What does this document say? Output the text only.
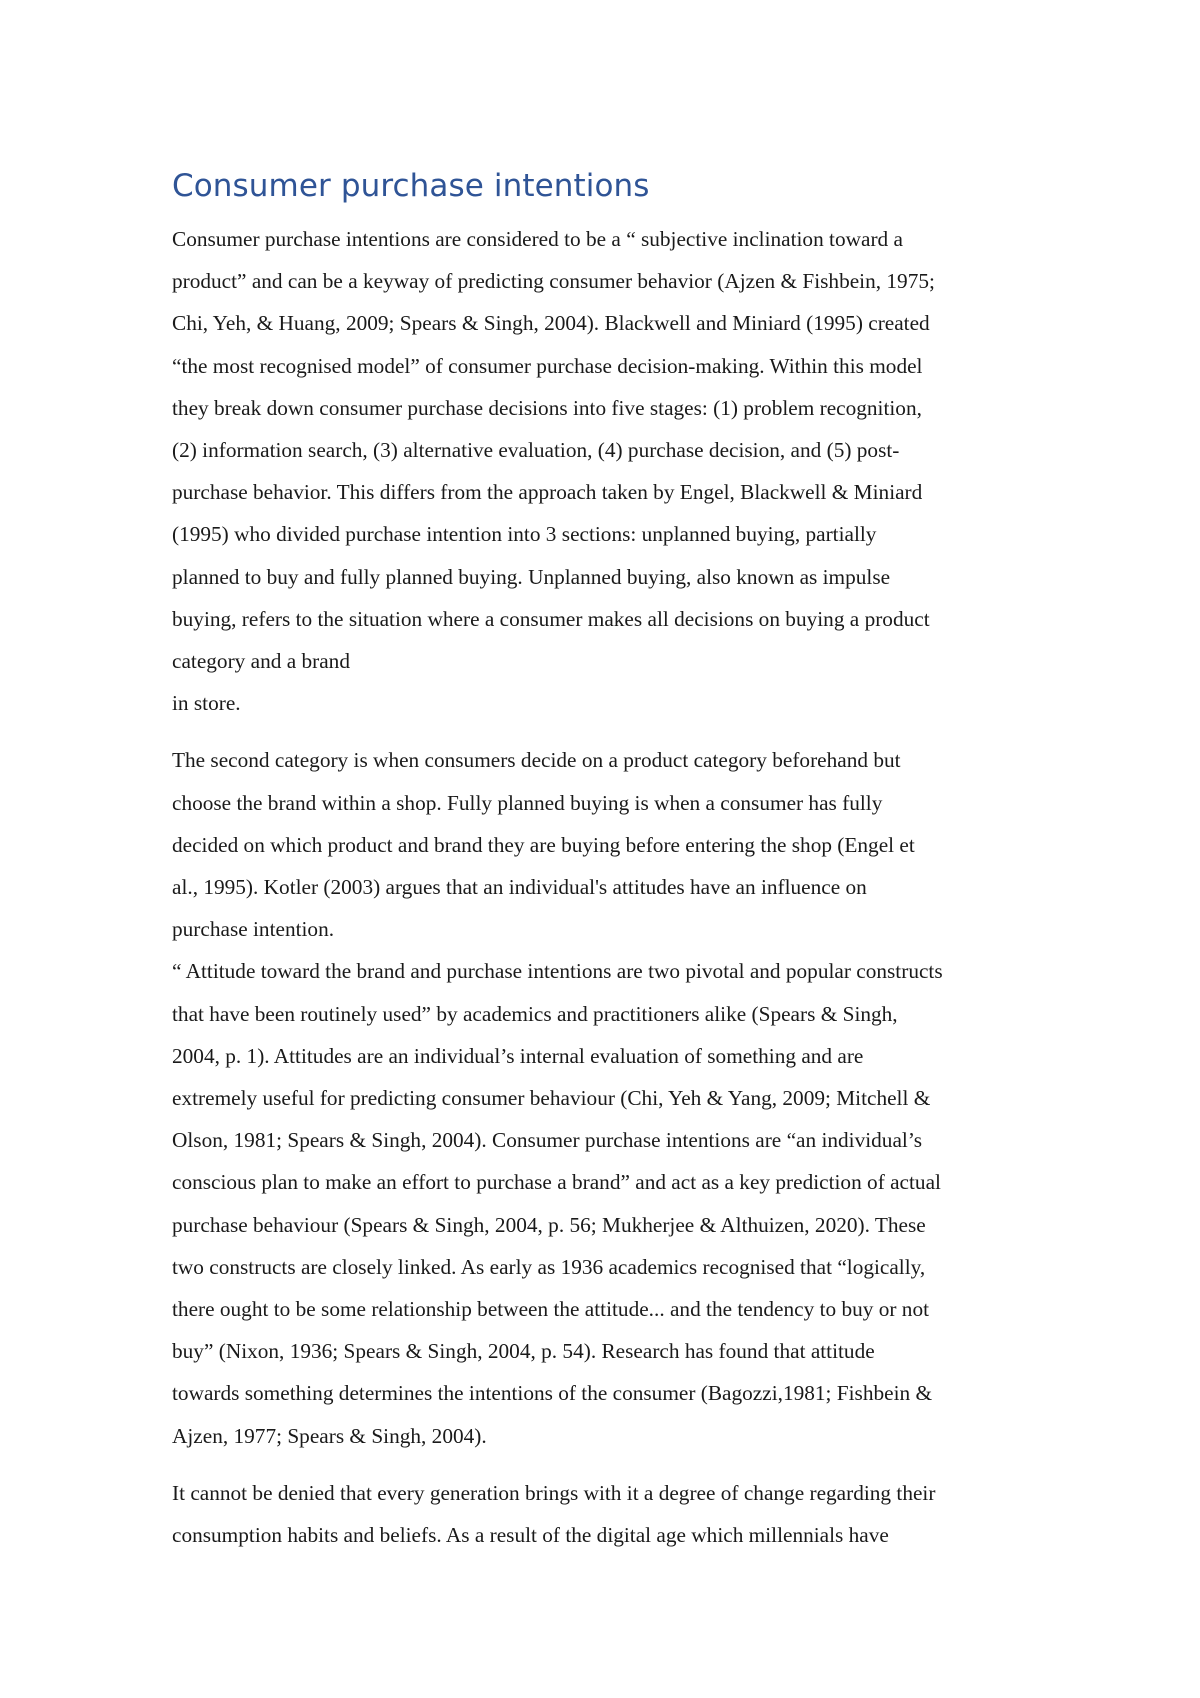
Consumer purchase intentions

Consumer purchase intentions are considered to be a “ subjective inclination toward a
product” and can be a keyway of predicting consumer behavior (Ajzen & Fishbein, 1975;
Chi, Yeh, & Huang, 2009; Spears & Singh, 2004). Blackwell and Miniard (1995) created
“the most recognised model” of consumer purchase decision-making. Within this model
they break down consumer purchase decisions into five stages: (1) problem recognition,
(2) information search, (3) alternative evaluation, (4) purchase decision, and (5) post-
purchase behavior. This differs from the approach taken by Engel, Blackwell & Miniard
(1995) who divided purchase intention into 3 sections: unplanned buying, partially
planned to buy and fully planned buying. Unplanned buying, also known as impulse
buying, refers to the situation where a consumer makes all decisions on buying a product
category and a brand
in store.

The second category is when consumers decide on a product category beforehand but
choose the brand within a shop. Fully planned buying is when a consumer has fully
decided on which product and brand they are buying before entering the shop (Engel et
al., 1995). Kotler (2003) argues that an individual's attitudes have an influence on
purchase intention.
“ Attitude toward the brand and purchase intentions are two pivotal and popular constructs
that have been routinely used” by academics and practitioners alike (Spears & Singh,
2004, p. 1). Attitudes are an individual’s internal evaluation of something and are
extremely useful for predicting consumer behaviour (Chi, Yeh & Yang, 2009; Mitchell &
Olson, 1981; Spears & Singh, 2004). Consumer purchase intentions are “an individual’s
conscious plan to make an effort to purchase a brand” and act as a key prediction of actual
purchase behaviour (Spears & Singh, 2004, p. 56; Mukherjee & Althuizen, 2020). These
two constructs are closely linked. As early as 1936 academics recognised that “logically,
there ought to be some relationship between the attitude... and the tendency to buy or not
buy” (Nixon, 1936; Spears & Singh, 2004, p. 54). Research has found that attitude
towards something determines the intentions of the consumer (Bagozzi,1981; Fishbein &
Ajzen, 1977; Spears & Singh, 2004).

It cannot be denied that every generation brings with it a degree of change regarding their
consumption habits and beliefs. As a result of the digital age which millennials have
